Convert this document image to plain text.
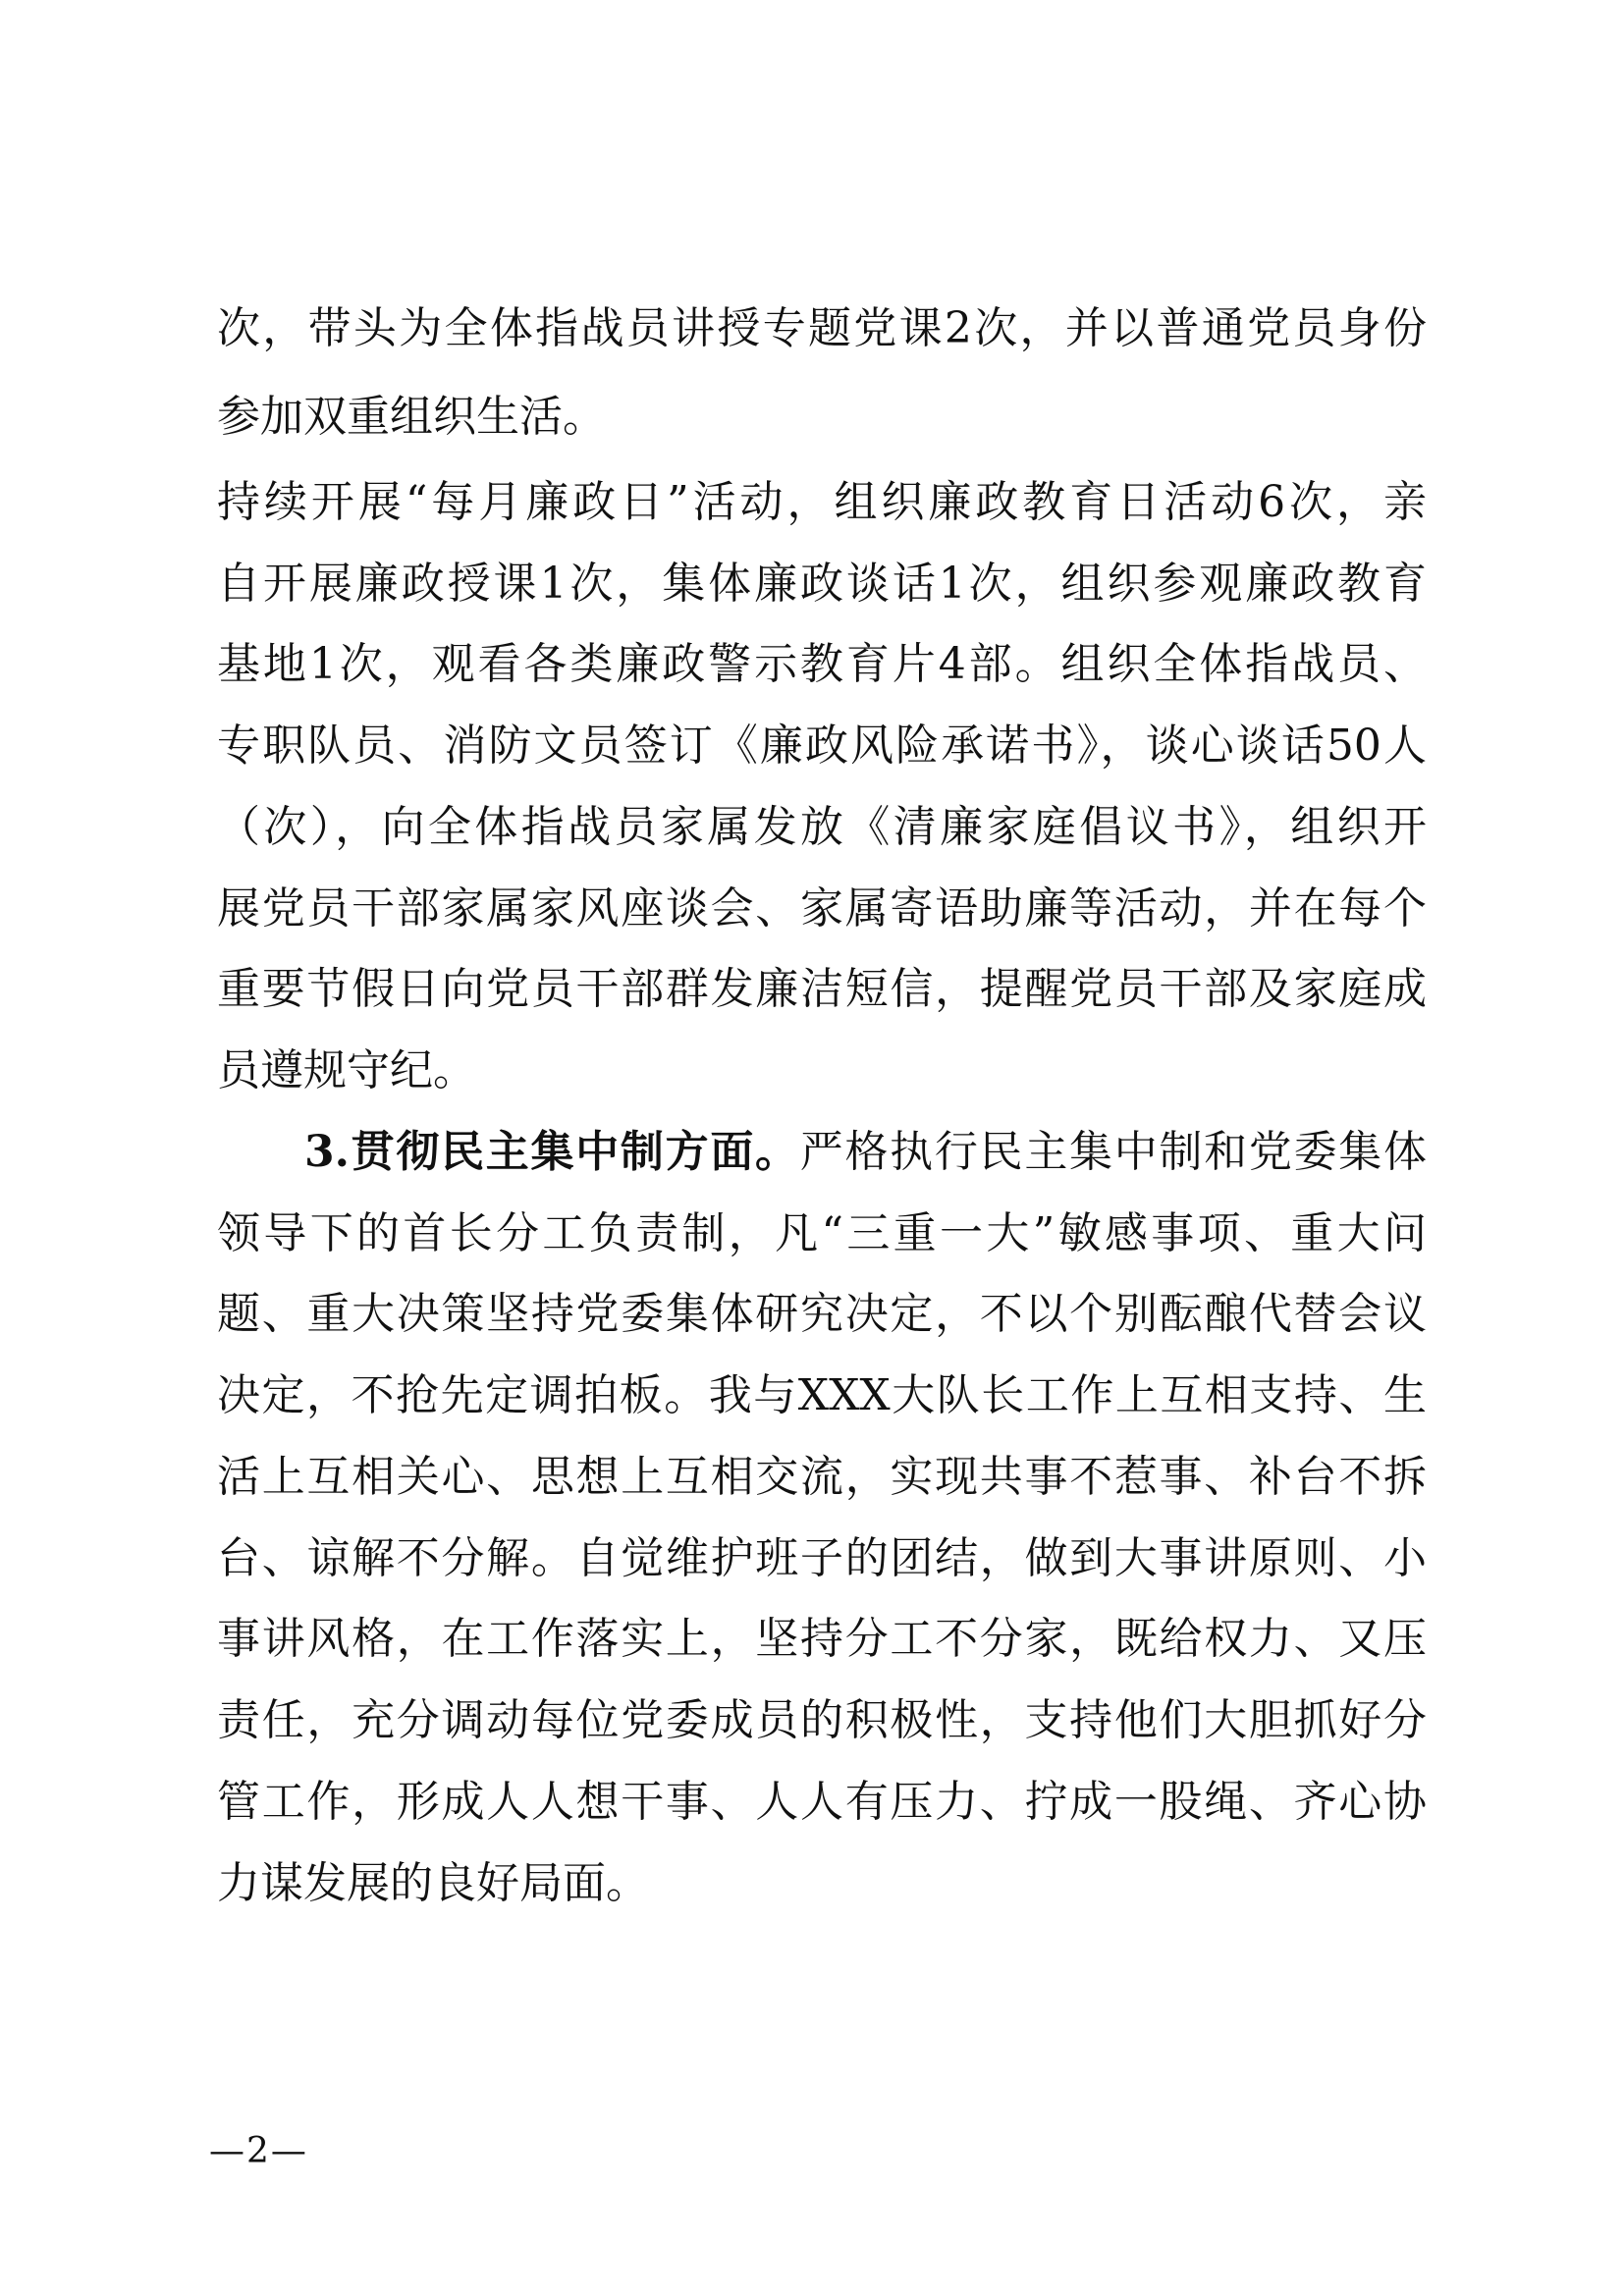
次，带头为全体指战员讲授专题党课2次，并以普通党员身份
参加双重组织生活。
持续开展“每月廉政日”活动，组织廉政教育日活动6次，亲
自开展廉政授课1次，集体廉政谈话1次，组织参观廉政教育
基地1次，观看各类廉政警示教育片4部。组织全体指战员、
专职队员、消防文员签订《廉政风险承诺书》，谈心谈话50人
（次），向全体指战员家属发放《清廉家庭倡议书》，组织开
展党员干部家属家风座谈会、家属寄语助廉等活动，并在每个
重要节假日向党员干部群发廉洁短信，提醒党员干部及家庭成
员遵规守纪。
3.贯彻民主集中制方面。严格执行民主集中制和党委集体
领导下的首长分工负责制，凡“三重一大”敏感事项、重大问
题、重大决策坚持党委集体研究决定，不以个别酝酿代替会议
决定，不抢先定调拍板。我与XXX大队长工作上互相支持、生
活上互相关心、思想上互相交流，实现共事不惹事、补台不拆
台、谅解不分解。自觉维护班子的团结，做到大事讲原则、小
事讲风格，在工作落实上，坚持分工不分家，既给权力、又压
责任，充分调动每位党委成员的积极性，支持他们大胆抓好分
管工作，形成人人想干事、人人有压力、拧成一股绳、齐心协
力谋发展的良好局面。
—2—
